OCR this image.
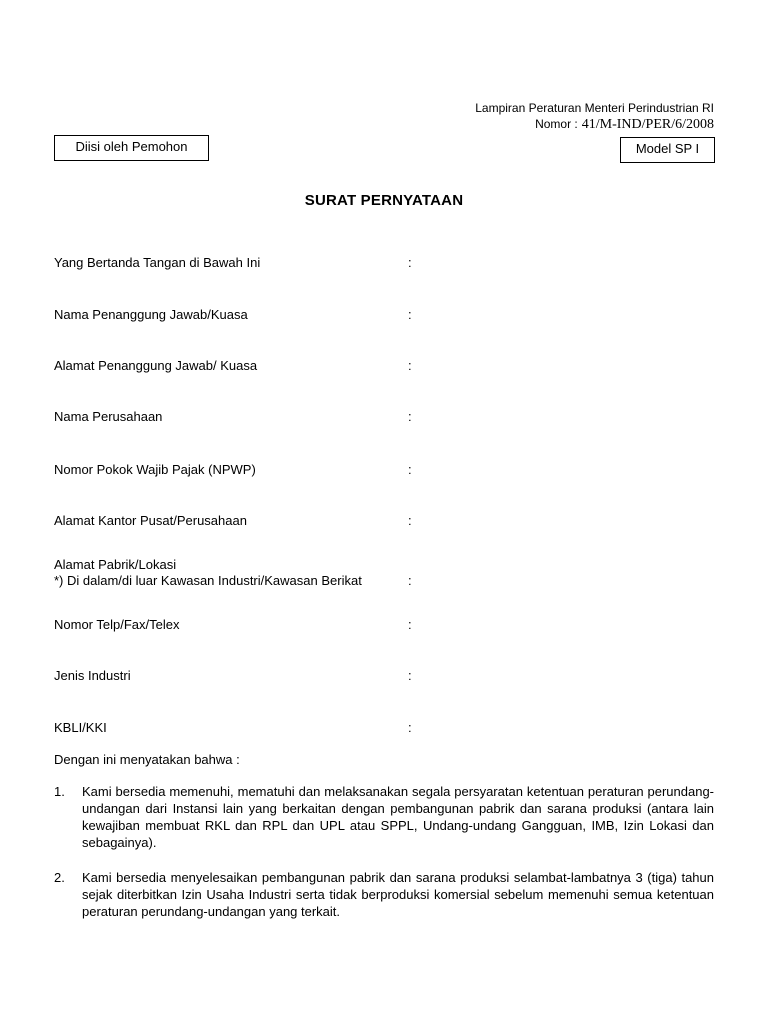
Lampiran Peraturan Menteri Perindustrian RI
Nomor : 41/M-IND/PER/6/2008
Diisi oleh Pemohon	Model SP I
SURAT PERNYATAAN
Yang Bertanda Tangan di Bawah Ini	:
Nama Penanggung Jawab/Kuasa	:
Alamat Penanggung Jawab/ Kuasa	:
Nama Perusahaan	:
Nomor Pokok Wajib Pajak (NPWP)	:
Alamat Kantor Pusat/Perusahaan	:
Alamat Pabrik/Lokasi
*) Di dalam/di luar Kawasan Industri/Kawasan Berikat	:
Nomor Telp/Fax/Telex	:
Jenis Industri	:
KBLI/KKI	:
Dengan ini menyatakan bahwa :
1.	Kami bersedia memenuhi, mematuhi dan melaksanakan segala persyaratan ketentuan peraturan perundang-undangan dari Instansi lain yang berkaitan dengan pembangunan pabrik dan sarana produksi (antara lain kewajiban membuat RKL dan RPL dan UPL atau SPPL, Undang-undang Gangguan, IMB, Izin Lokasi dan sebagainya).
2.	Kami bersedia menyelesaikan pembangunan pabrik dan sarana produksi selambat-lambatnya 3 (tiga) tahun sejak diterbitkan Izin Usaha Industri serta tidak berproduksi komersial sebelum memenuhi semua ketentuan peraturan perundang-undangan yang terkait.
